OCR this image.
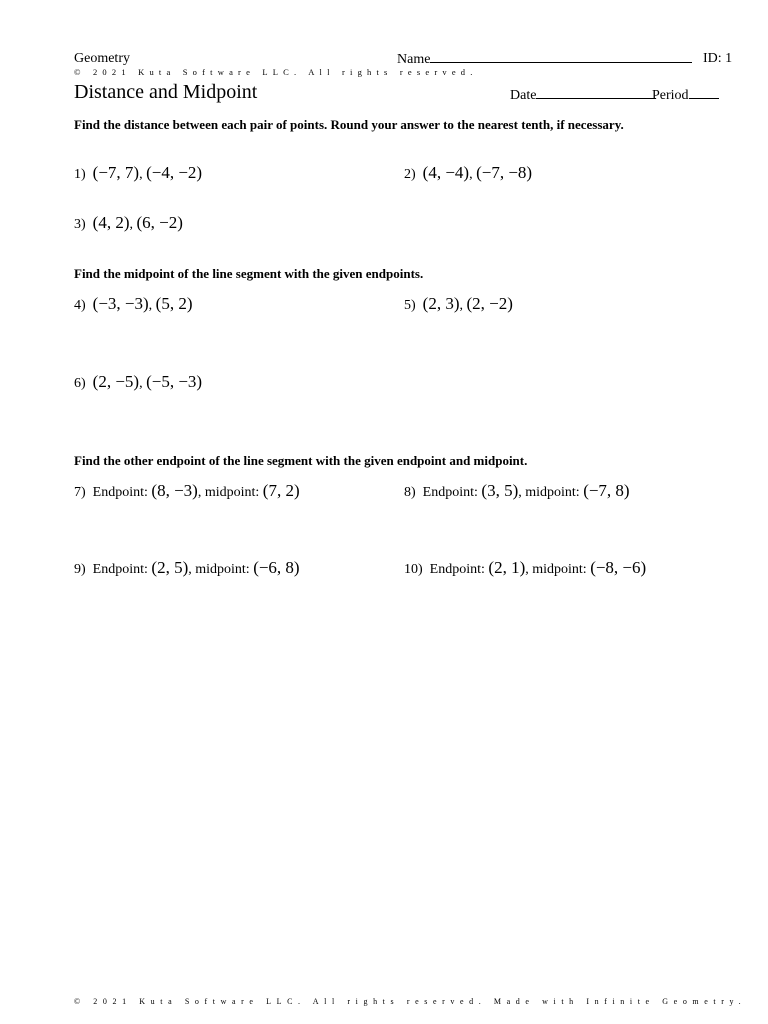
Geometry	Name	ID: 1
© 2021 Kuta Software LLC. All rights reserved.
Distance and Midpoint	Date	Period
Find the distance between each pair of points. Round your answer to the nearest tenth, if necessary.
1) (−7, 7), (−4, −2)	2) (4, −4), (−7, −8)
3) (4, 2), (6, −2)
Find the midpoint of the line segment with the given endpoints.
4) (−3, −3), (5, 2)	5) (2, 3), (2, −2)
6) (2, −5), (−5, −3)
Find the other endpoint of the line segment with the given endpoint and midpoint.
7) Endpoint: (8, −3), midpoint: (7, 2)	8) Endpoint: (3, 5), midpoint: (−7, 8)
9) Endpoint: (2, 5), midpoint: (−6, 8)	10) Endpoint: (2, 1), midpoint: (−8, −6)
© 2021 Kuta Software LLC. All rights reserved. Made with Infinite Geometry.
